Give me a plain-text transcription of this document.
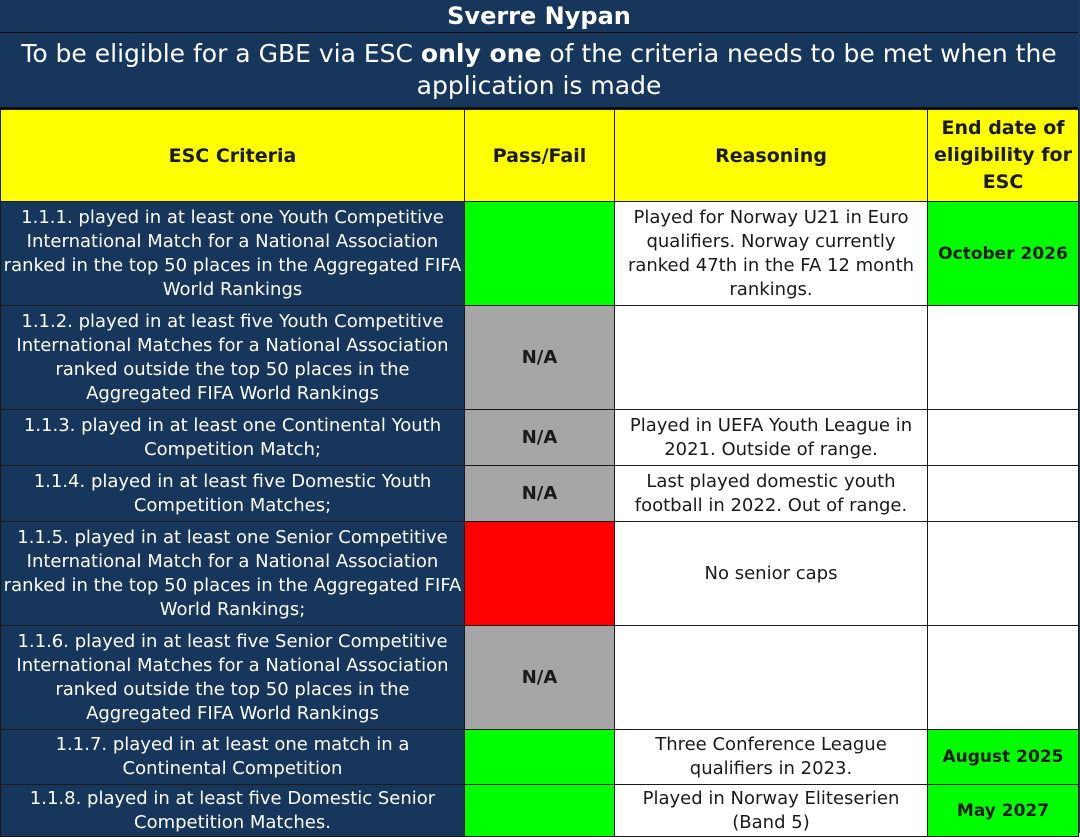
Sverre Nypan
To be eligible for a GBE via ESC only one of the criteria needs to be met when the application is made
ESC Criteria	Pass/Fail	Reasoning	End date of eligibility for ESC
1.1.1. played in at least one Youth Competitive International Match for a National Association ranked in the top 50 places in the Aggregated FIFA World Rankings		Played for Norway U21 in Euro qualifiers. Norway currently ranked 47th in the FA 12 month rankings.	October 2026
1.1.2. played in at least five Youth Competitive International Matches for a National Association ranked outside the top 50 places in the Aggregated FIFA World Rankings	N/A		
1.1.3. played in at least one Continental Youth Competition Match;	N/A	Played in UEFA Youth League in 2021. Outside of range.	
1.1.4. played in at least five Domestic Youth Competition Matches;	N/A	Last played domestic youth football in 2022. Out of range.	
1.1.5. played in at least one Senior Competitive International Match for a National Association ranked in the top 50 places in the Aggregated FIFA World Rankings;		No senior caps	
1.1.6. played in at least five Senior Competitive International Matches for a National Association ranked outside the top 50 places in the Aggregated FIFA World Rankings	N/A		
1.1.7. played in at least one match in a Continental Competition		Three Conference League qualifiers in 2023.	August 2025
1.1.8. played in at least five Domestic Senior Competition Matches.		Played in Norway Eliteserien (Band 5)	May 2027
